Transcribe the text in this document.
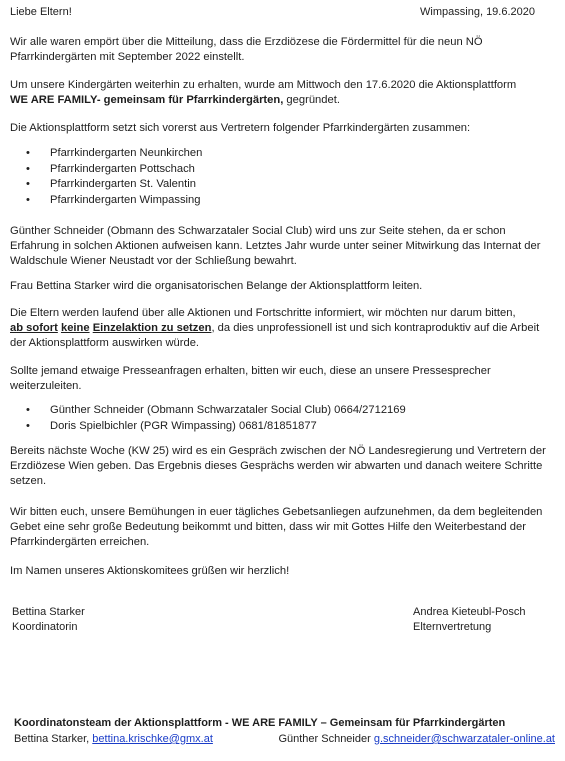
Liebe Eltern!	Wimpassing, 19.6.2020

Wir alle waren empört über die Mitteilung, dass die Erzdiözese die Fördermittel für die neun NÖ Pfarrkindergärten mit September 2022 einstellt.

Um unsere Kindergärten weiterhin zu erhalten, wurde am Mittwoch den 17.6.2020 die Aktionsplattform
WE ARE FAMILY- gemeinsam für Pfarrkindergärten, gegründet.

Die Aktionsplattform setzt sich vorerst aus Vertretern folgender Pfarrkindergärten zusammen:

• Pfarrkindergarten Neunkirchen
• Pfarrkindergarten Pottschach
• Pfarrkindergarten St. Valentin
• Pfarrkindergarten Wimpassing

Günther Schneider (Obmann des Schwarzataler Social Club) wird uns zur Seite stehen, da er schon Erfahrung in solchen Aktionen aufweisen kann. Letztes Jahr wurde unter seiner Mitwirkung das Internat der Waldschule Wiener Neustadt vor der Schließung bewahrt.

Frau Bettina Starker wird die organisatorischen Belange der Aktionsplattform leiten.

Die Eltern werden laufend über alle Aktionen und Fortschritte informiert, wir möchten nur darum bitten,
ab sofort keine Einzelaktion zu setzen, da dies unprofessionell ist und sich kontraproduktiv auf die Arbeit der Aktionsplattform auswirken würde.

Sollte jemand etwaige Presseanfragen erhalten, bitten wir euch, diese an unsere Pressesprecher weiterzuleiten.

• Günther Schneider (Obmann Schwarzataler Social Club) 0664/2712169
• Doris Spielbichler (PGR Wimpassing) 0681/81851877

Bereits nächste Woche (KW 25) wird es ein Gespräch zwischen der NÖ Landesregierung und Vertretern der Erzdiözese Wien geben. Das Ergebnis dieses Gesprächs werden wir abwarten und danach weitere Schritte setzen.

Wir bitten euch, unsere Bemühungen in euer tägliches Gebetsanliegen aufzunehmen, da dem begleitenden Gebet eine sehr große Bedeutung beikommt und bitten, dass wir mit Gottes Hilfe den Weiterbestand der Pfarrkindergärten erreichen.

Im Namen unseres Aktionskomitees grüßen wir herzlich!

Bettina Starker
Koordinatorin
Andrea Kieteubl-Posch
Elternvertretung
Koordinatonsteam der Aktionsplattform - WE ARE FAMILY – Gemeinsam für Pfarrkindergärten
Bettina Starker, bettina.krischke@gmx.at	Günther Schneider g.schneider@schwarzataler-online.at
